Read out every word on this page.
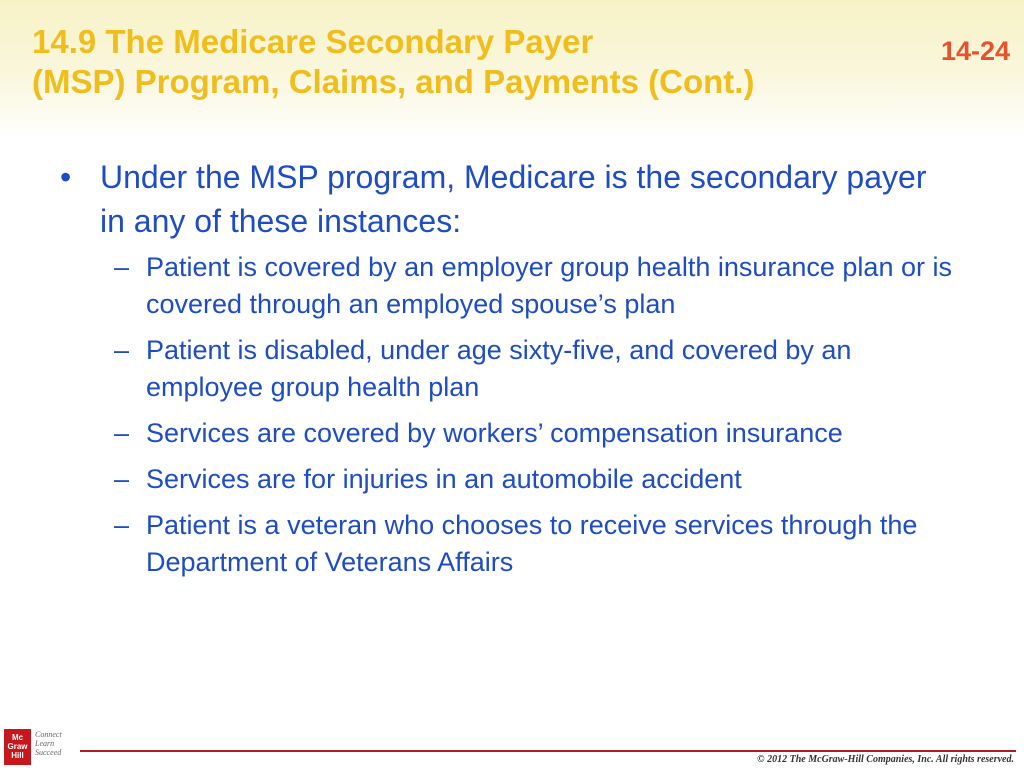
14.9 The Medicare Secondary Payer
(MSP) Program, Claims, and Payments (Cont.)
14-24

• Under the MSP program, Medicare is the secondary payer in any of these instances:

– Patient is covered by an employer group health insurance plan or is covered through an employed spouse’s plan
– Patient is disabled, under age sixty-five, and covered by an employee group health plan
– Services are covered by workers’ compensation insurance
– Services are for injuries in an automobile accident
– Patient is a veteran who chooses to receive services through the Department of Veterans Affairs
Mc
Graw
Hill
Connect
Learn
Succeed
© 2012 The McGraw-Hill Companies, Inc. All rights reserved.
